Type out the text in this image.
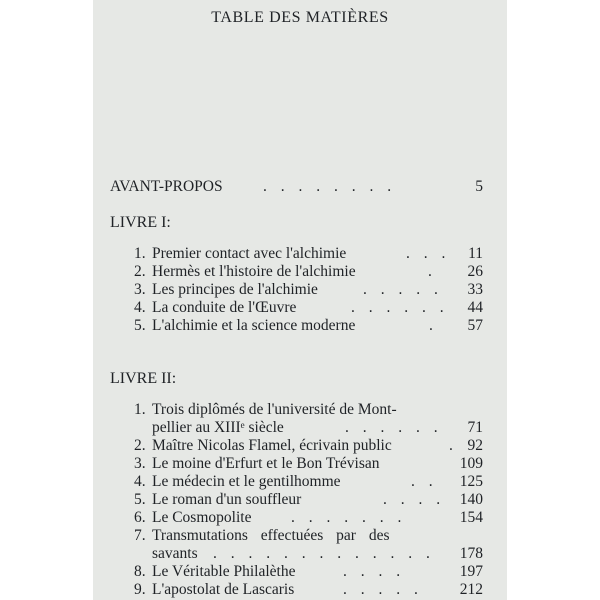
TABLE DES MATIÈRES
AVANT-PROPOS	. . . . . . . .	5
LIVRE I:
1. Premier contact avec l'alchimie	. . . 11
2. Hermès et l'histoire de l'alchimie	. 26
3. Les principes de l'alchimie	. . . . . 33
4. La conduite de l'Œuvre	. . . . . . 44
5. L'alchimie et la science moderne	. 57
LIVRE II:
1. Trois diplômés de l'université de Mont-
pellier au XIIIᵉ siècle	. . . . . . 71
2. Maître Nicolas Flamel, écrivain public	. 92
3. Le moine d'Erfurt et le Bon Trévisan	109
4. Le médecin et le gentilhomme	. . 125
5. Le roman d'un souffleur	. . . . 140
6. Le Cosmopolite	. . . . . . .	154
7. Transmutations effectuées par des
savants . . . . . . . . . . . . . 178
8. Le Véritable Philalèthe	. . . .	197
9. L'apostolat de Lascaris	. . . . . 212
